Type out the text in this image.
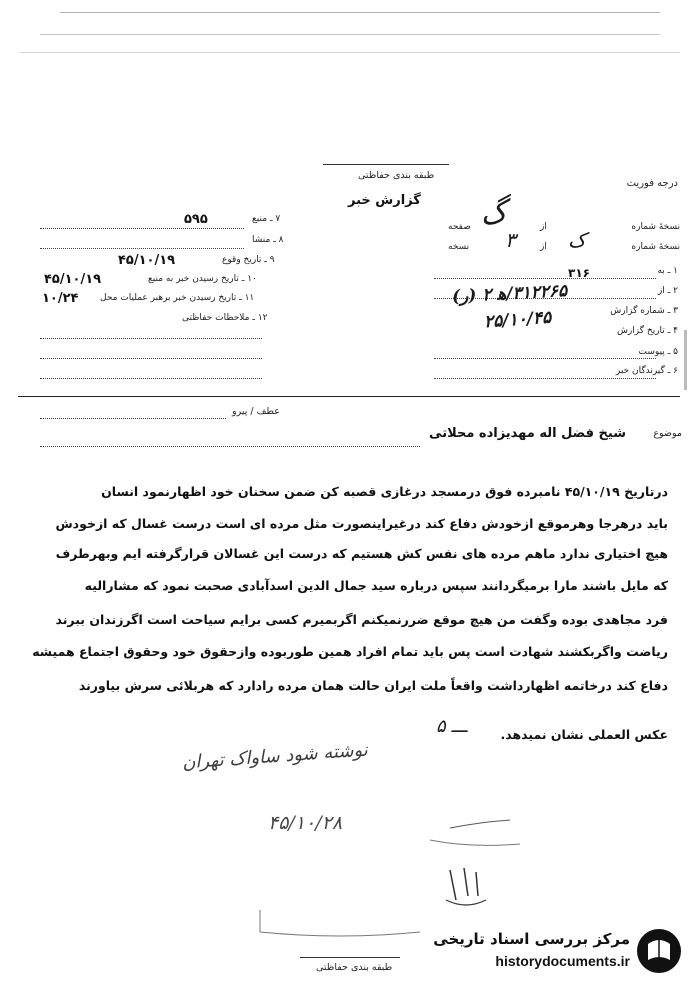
درجه فوریت
طبقه بندی حفاظتی
گزارش خبر
نسخهٔ شماره
از
صفحه
نسخهٔ شماره
از
نسخه
گ
۳	ک
۱ ـ به
۳۱۶
۲ ـ از
۳ ـ شماره گزارش
۳۱۲۲۶۵/ه‍ ۲ (ر)
۴ ـ تاریخ گزارش
۲۵/۱۰/۴۵
۵ ـ پیوست
۶ ـ گیرندگان خبر
۷ ـ منبع
۵۹۵
۸ ـ منشا
۹ ـ تاریخ وقوع
۴۵/۱۰/۱۹
۱۰ ـ تاریخ رسیدن خبر به منبع
۴۵/۱۰/۱۹
۱۱ ـ تاریخ رسیدن خبر برهبر عملیات محل
۱۰/۲۴
۱۲ ـ ملاحظات حفاظتی
عطف / پیرو
موضوع
شیخ فضل اله مهدیزاده محلاتی
درتاریخ ۴۵/۱۰/۱۹ نامبرده فوق درمسجد درغازی قصبه کن ضمن سخنان خود اظهارنمود انسان
باید درهرجا وهرموقع ازخودش دفاع کند درغیراینصورت مثل مرده ای است درست غسال که ازخودش
هیچ اختیاری ندارد ماهم مرده های نفس کش هستیم که درست این غسالان قرارگرفته ایم وبهرطرف
که مایل باشند مارا برمیگردانند سپس درباره سید جمال الدین اسدآبادی صحبت نمود که مشارالیه
فرد مجاهدی بوده وگفت من هیچ موقع ضررنمیکنم اگربمیرم کسی برایم سیاحت است اگرزندان ببرند
ریاضت واگربکشند شهادت است پس باید تمام افراد همین طوربوده وازحقوق خود وحقوق اجتماع همیشه
دفاع کند درخاتمه اظهارداشت واقعاً ملت ایران حالت همان مرده رادارد که هربلائی سرش بیاورند
عکس العملی نشان نمیدهد.
ـــ ۵
نوشته شود ساواک تهران
۴۵/۱۰/۲۸
طبقه بندی حفاظتی
مرکز بررسی اسناد تاریخی
historydocuments.ir
